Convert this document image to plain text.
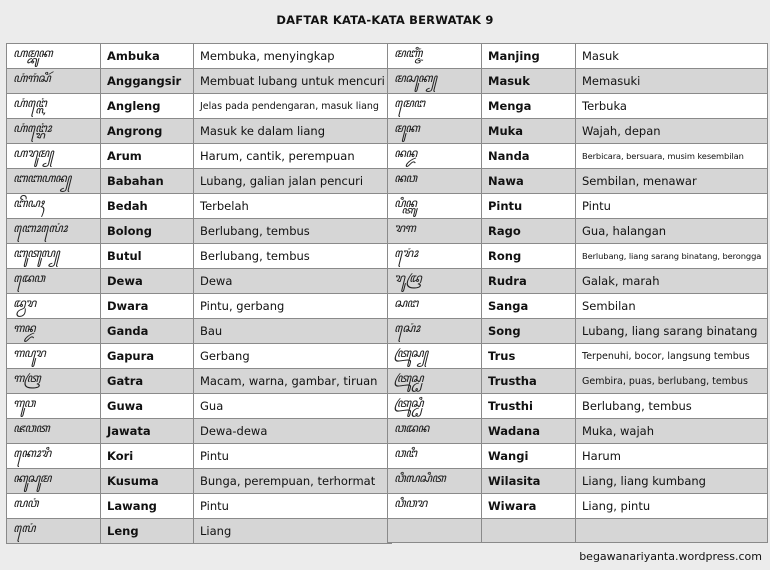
DAFTAR KATA-KATA BERWATAK 9
ꦲꦩ꧀ꦧꦸꦏ	Ambuka	Membuka, menyingkap
ꦲꦁꦒꦁꦱꦶꦂ	Anggangsir	Membuat lubang untuk mencuri
ꦲꦁꦔ꧀ꦭꦺꦁ	Angleng	Jelas pada pendengaran, masuk liang
ꦲꦁꦔ꧀ꦫꦺꦴꦁ	Angrong	Masuk ke dalam liang
ꦲꦫꦸꦩ꧀	Arum	Harum, cantik, perempuan
ꦧꦧꦲꦤ꧀	Babahan	Lubang, galian jalan pencuri
ꦧꦼꦝꦃ	Bedah	Terbelah
ꦧꦺꦴꦭꦺꦴꦁ	Bolong	Berlubang, tembus
ꦧꦸꦠꦸꦭ꧀	Butul	Berlubang, tembus
ꦢꦺꦮ	Dewa	Dewa
ꦢ꧀ꦮꦫ	Dwara	Pintu, gerbang
ꦒꦤ꧀ꦢ	Ganda	Bau
ꦒꦥꦸꦫ	Gapura	Gerbang
ꦒꦠꦿ	Gatra	Macam, warna, gambar, tiruan
ꦒꦸꦮ	Guwa	Gua
ꦗꦮꦠ	Jawata	Dewa-dewa
ꦏꦺꦴꦫꦶ	Kori	Pintu
ꦏꦸꦱꦸꦩ	Kusuma	Bunga, perempuan, terhormat
ꦭꦮꦁ	Lawang	Pintu
ꦭꦺꦁ	Leng	Liang
ꦩꦚ꧀ꦗꦶꦁ	Manjing	Masuk
ꦩꦱꦸꦏ꧀	Masuk	Memasuki
ꦩꦺꦔ	Menga	Terbuka
ꦩꦸꦏ	Muka	Wajah, depan
ꦤꦤ꧀ꦢ	Nanda	Berbicara, bersuara, musim kesembilan
ꦤꦮ	Nawa	Sembilan, menawar
ꦥꦶꦤ꧀ꦠꦸ	Pintu	Pintu
ꦫꦒ	Rago	Gua, halangan
ꦫꦺꦴꦁ	Rong	Berlubang, liang sarang binatang, berongga
ꦫꦸꦢꦿ	Rudra	Galak, marah
ꦱꦔ	Sanga	Sembilan
ꦱꦺꦴꦁ	Song	Lubang, liang sarang binatang
ꦠꦿꦸꦱ꧀	Trus	Terpenuhi, bocor, langsung tembus
ꦠꦿꦸꦱ꧀ꦛ	Trustha	Gembira, puas, berlubang, tembus
ꦠꦿꦸꦱ꧀ꦛꦶ	Trusthi	Berlubang, tembus
ꦮꦢꦤ	Wadana	Muka, wajah
ꦮꦔꦶ	Wangi	Harum
ꦮꦶꦭꦱꦶꦠ	Wilasita	Liang, liang kumbang
ꦮꦶꦮꦫ	Wiwara	Liang, pintu

begawanariyanta.wordpress.com
